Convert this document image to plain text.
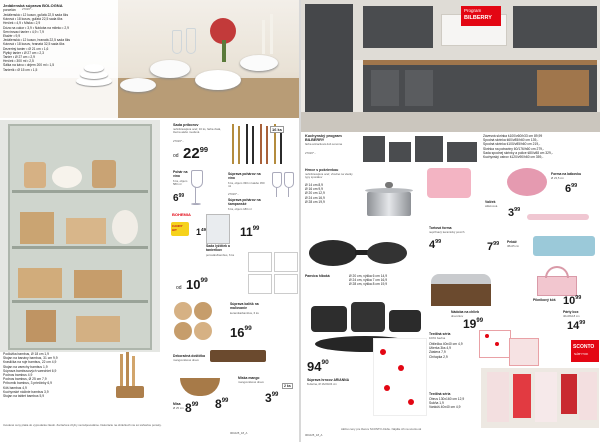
Jedálenská súprava BOLOGNA
porcelán 27016*...
Jedálenská • 12 kusov, guľatá 22,5 sada 6ks
Kávová • 18 kusov, guľatá 22,5 sada 6ks
Hrnček • 4,9 • Miska • 2,9
Dóza na cukor • 3,9 • Nádoba na mlieko • 2,9
Servírovací tanier • 4,9 • 7,9
Etažér • 9,9
Jedálenská • 12 kusov, hranatá 22,5 sada 6ks
Kávová • 18 kusov, hranatá 32,5 sada 6ks
Dezertný tanier • Ø 21 cm • 1,6
Plytký tanier • Ø 27 cm • 2,3
Tanier • Ø 27 cm • 2,9
Hrnček • 300 ml • 2,5
Šálka na kávu • objem 200 ml • 1,5
Tanierik • Ø 15 cm • 1,5
Podložka bambus, Ø 18 cm 1,9
Stojan na banány bambus, 31 cm 9,9
Kraslička na ruje bambus, 22 cm 4,9
Stojan na varechy bambus 1,9
Súprava bambusových varechiet 6,9
Podnos bambus 4,9
Podnos bambus, Ø 25 cm 7,9
Príbornik bambus, 3 priečinky 6,9
Kôš bambus 4,9
Kuchynské náčinie bambus 3,9
Stojan na tablet bambus 5,9
Sada príborov
nehrdzavejúca oceľ, 16 ks, farba zlatá, čierna alebo meďená
27016*...
od $22^{99}$
16 ks
Pohár na víno
6 ks, objem 580 ml
$6^{99}$
Súprava pohárov na víno
6 ks, objem 330 ml alebo 450 ml
27016*...
CANDY HIT
BOHEMIA
$1^{49}$
Súprava pohárov na šampanské
6 ks, objem 180 ml
$11^{99}$
Sada lyžičiek a tanierikov
porcelán/bambus, 6 ks
od $10^{99}$
Súprava kalíšk na maľovanie
keramika/bambus, 6 ks
$16^{99}$
Dekoračná doštička
mangovníkové drevo
$8^{99}$
Miska mango
mangovníkové drevo
2 ks
$3^{99}$
Misa
Ø 25 cm $8^{99}$
Uvedené ceny platia do vypredania zásob. Za tlačové chyby nezodpovedáme. Dekorácie na obrázkoch nie sú súčasťou ponuky.
001025_18_A
Program
BILBERRY
Kuchynský program BILBERRY
farba antracitová dub sonoma
27016*...
Závesná skrinka š100/v60/h33 cm 89,99
Spodná skrinka š60/v85/h60 cm 139,-
Spodná skrinka š100/v85/h60 cm 219,-
Skrinka na potraviny 60/176/h60 cm 279,-
Sada spodnej skrinky a police š80/v88 cm 329,-
Kuchynský ostrov š120/v90/h60 cm 359,-
Hrnce s pokrievkou
nehrdzavejúca oceľ, vhodné na všetky typy sporákov
Ø 14 cm 8,9
Ø 16 cm 9,9
Ø 20 cm 12,9
Ø 24 cm 16,9
Ø 28 cm 19,9
Panvica hlboká	Ø 20 cm, výška 6 cm 14,9
Ø 24 cm, výška 7 cm 16,9
Ø 28 cm, výška 8 cm 19,9
$94^{90}$
Súprava hrncov ARIANNA
8-dielna, Ø 16/20/24 cm
Forma na bábovku
Ø 23,5 cm
$6^{99}$
Valček
silikónová
$3^{99}$
Tortová forma
nepriľnavý keramický povrch
$4^{99}$	Pekáč
38x25 cm
$7^{99}$
Nádoba na chlieb
drevo/kov
$19^{99}$
Piknikový kôš $10^{99}$
Párty box
40x28x18 cm
$14^{99}$
Textilná séria
100% bavlna
Obliečka 40x40 cm 4,9
Utierka 3ks 4,9
Zástera 7,9
Chňapka 2,9
Textilná séria
Obrus 130x160 cm 12,9
Sukňa 1,9
Vankúš 40x40 cm 4,9
SCONTO
NÁBYTOK
Akčné ceny pre členov SCONTO-Clubu. Nájdite ich na sconto.sk
001025_18_A
